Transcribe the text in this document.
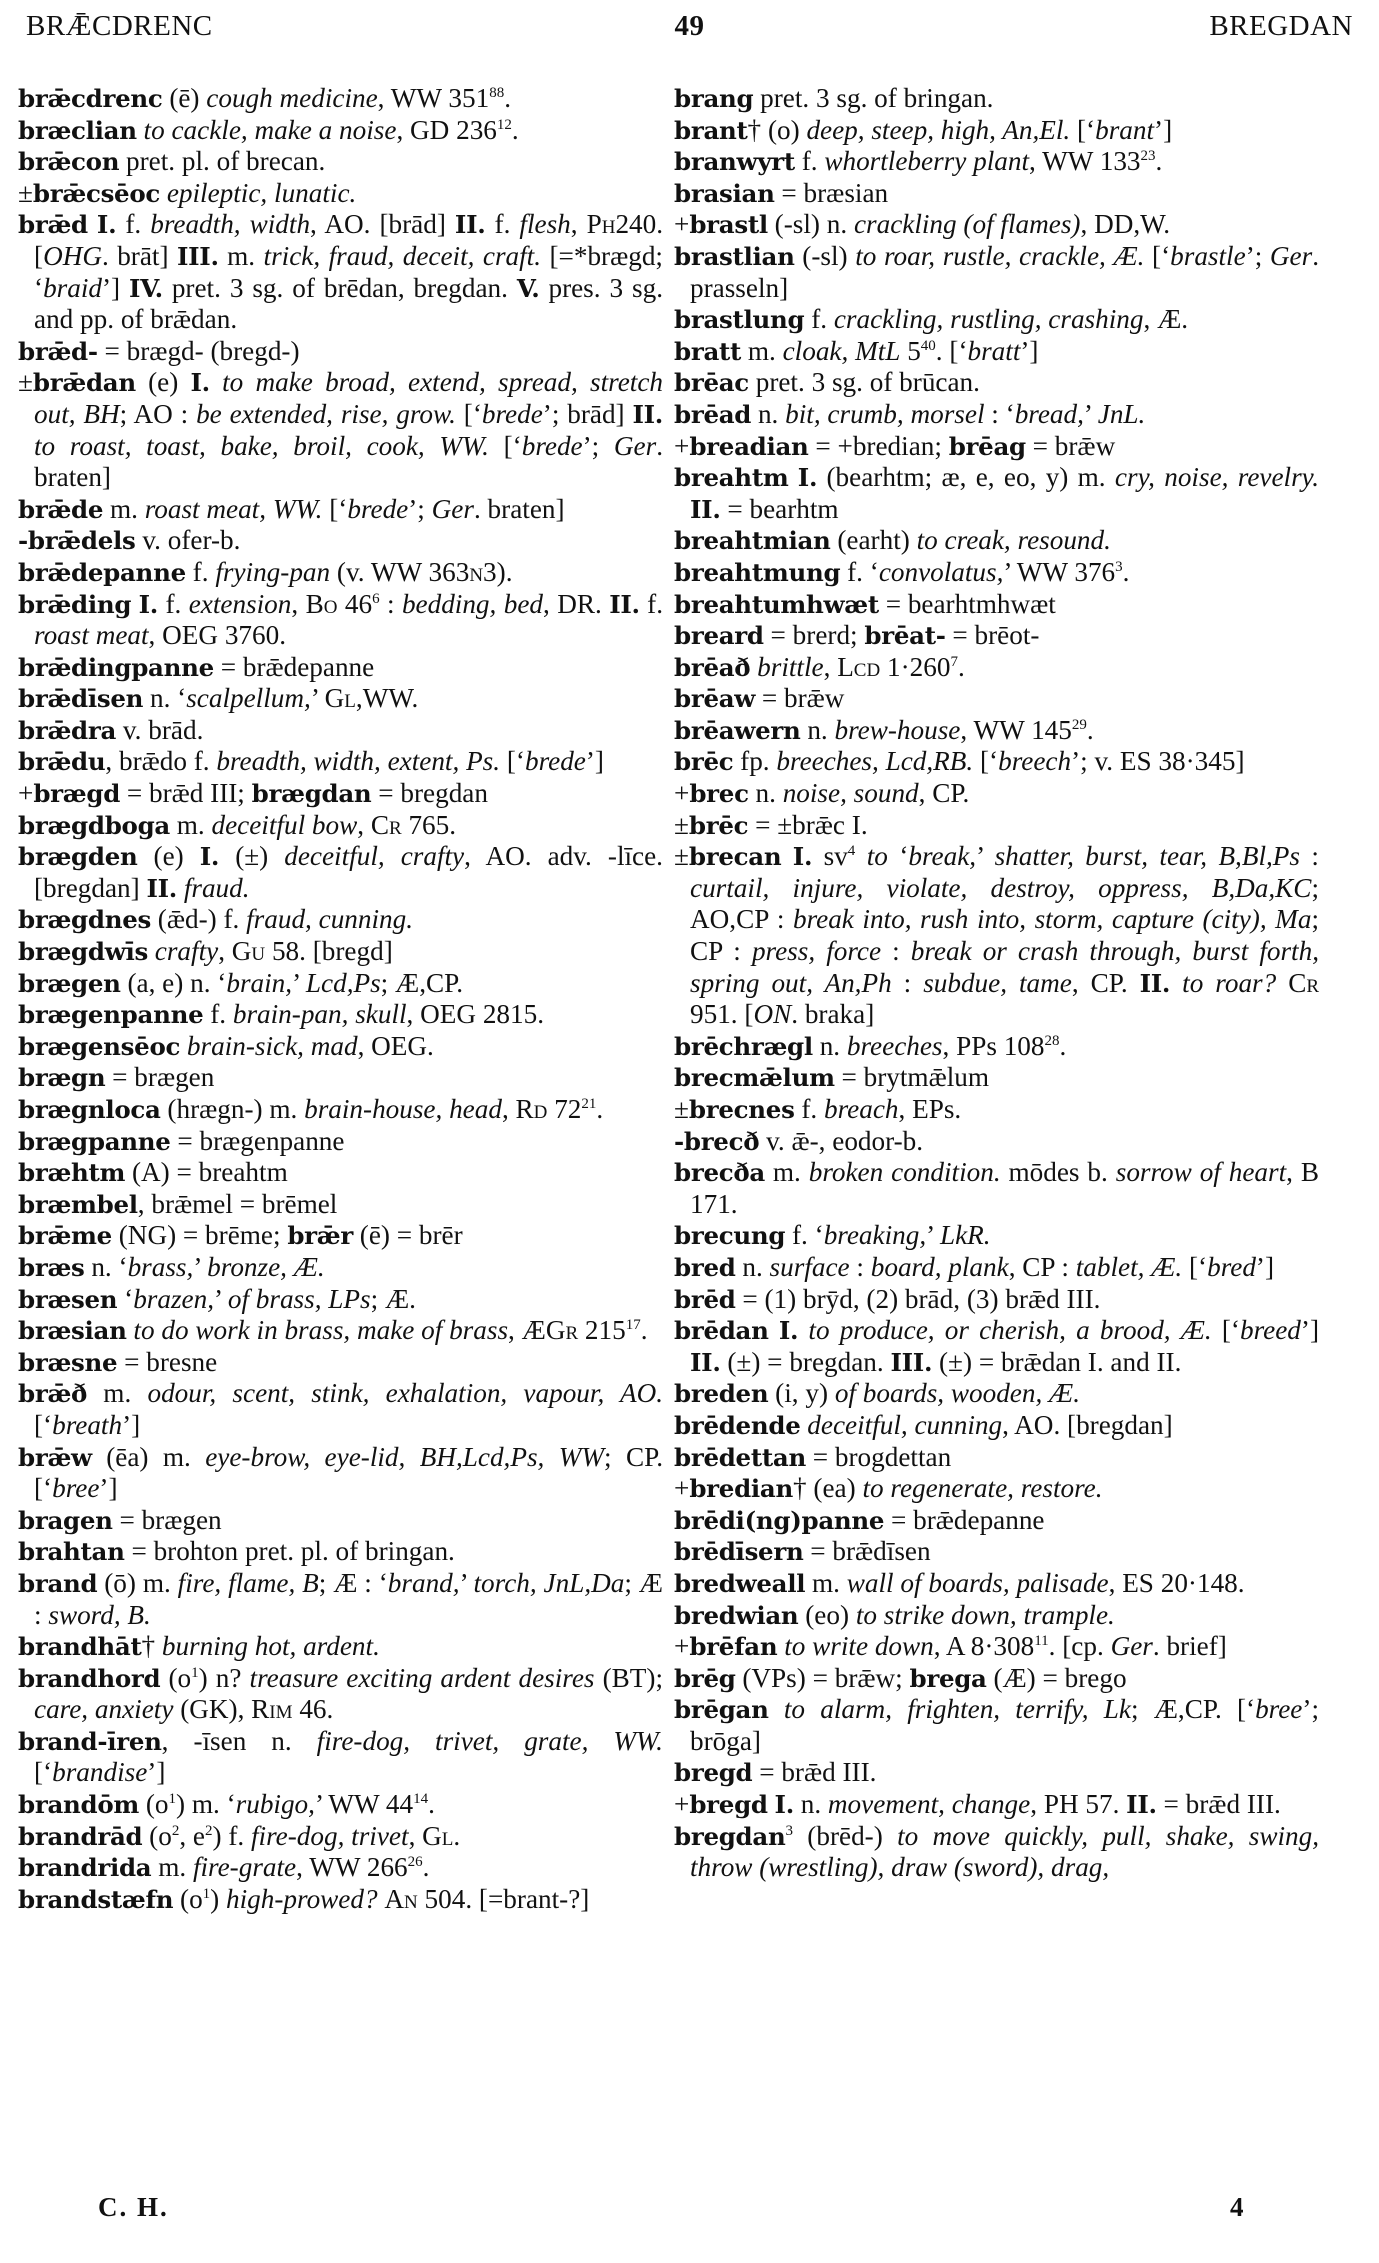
BRǢCDRENC	49	BREGDAN

brǣcdrenc (ē) cough medicine, WW $351^{88}$.

bræclian to cackle, make a noise, GD $236^{12}$.

brǣcon pret. pl. of brecan.

±brǣcsēoc epileptic, lunatic.

brǣd I. f. breadth, width, AO. [brād] II. f. flesh, Ph240. [OHG. brāt] III. m. trick, fraud, deceit, craft. [=*brægd; ‘braid’] IV. pret. 3 sg. of brēdan, bregdan. V. pres. 3 sg. and pp. of brǣdan.

brǣd- = brægd- (bregd-)

±brǣdan (e) I. to make broad, extend, spread, stretch out, BH; AO : be extended, rise, grow. [‘brede’; brād] II. to roast, toast, bake, broil, cook, WW. [‘brede’; Ger. braten]

brǣde m. roast meat, WW. [‘brede’; Ger. braten]

-brǣdels v. ofer-b.

brǣdepanne f. frying-pan (v. WW 363n3).

brǣding I. f. extension, Bo $46^6$ : bedding, bed, DR. II. f. roast meat, OEG 3760.

brǣdingpanne = brǣdepanne

brǣdīsen n. ‘scalpellum,’ Gl,WW.

brǣdra v. brād.

brǣdu, brǣdo f. breadth, width, extent, Ps. [‘brede’]

+brægd = brǣd III; brægdan = bregdan

brægdboga m. deceitful bow, Cr 765.

brægden (e) I. (±) deceitful, crafty, AO. adv. -līce. [bregdan] II. fraud.

brægdnes (ǣd-) f. fraud, cunning.

brægdwīs crafty, Gu 58. [bregd]

brægen (a, e) n. ‘brain,’ Lcd,Ps; Æ,CP.

brægenpanne f. brain-pan, skull, OEG 2815.

brægensēoc brain-sick, mad, OEG.

brægn = brægen

brægnloca (hrægn-) m. brain-house, head, Rd $72^{21}$.

brægpanne = brægenpanne

bræhtm (A) = breahtm

bræmbel, brǣmel = brēmel

brǣme (NG) = brēme; brǣr (ē) = brēr

bræs n. ‘brass,’ bronze, Æ.

bræsen ‘brazen,’ of brass, LPs; Æ.

bræsian to do work in brass, make of brass, ÆGr $215^{17}$.

bræsne = bresne

brǣð m. odour, scent, stink, exhalation, vapour, AO. [‘breath’]

brǣw (ēa) m. eye-brow, eye-lid, BH,Lcd,Ps, WW; CP. [‘bree’]

bragen = brægen

brahtan = brohton pret. pl. of bringan.

brand (ō) m. fire, flame, B; Æ : ‘brand,’ torch, JnL,Da; Æ : sword, B.

brandhāt† burning hot, ardent.

brandhord $(o^1)$ n? treasure exciting ardent desires (BT); care, anxiety (GK), Rim 46.

brand-īren, -īsen n. fire-dog, trivet, grate, WW. [‘brandise’]

brandōm $(o^1)$ m. ‘rubigo,’ WW $44^{14}$.

brandrād ($o^2$, $e^2$) f. fire-dog, trivet, Gl.

brandrida m. fire-grate, WW $266^{26}$.

brandstæfn $(o^1)$ high-prowed? An 504. [=brant-?]

brang pret. 3 sg. of bringan.

brant† (o) deep, steep, high, An,El. [‘brant’]

branwyrt f. whortleberry plant, WW $133^{23}$.

brasian = bræsian

+brastl (-sl) n. crackling (of flames), DD,W.

brastlian (-sl) to roar, rustle, crackle, Æ. [‘brastle’; Ger. prasseln]

brastlung f. crackling, rustling, crashing, Æ.

bratt m. cloak, MtL $5^{40}$. [‘bratt’]

brēac pret. 3 sg. of brūcan.

brēad n. bit, crumb, morsel : ‘bread,’ JnL.

+breadian = +bredian; brēag = brǣw

breahtm I. (bearhtm; æ, e, eo, y) m. cry, noise, revelry. II. = bearhtm

breahtmian (earht) to creak, resound.

breahtmung f. ‘convolatus,’ WW $376^3$.

breahtumhwæt = bearhtmhwæt

breard = brerd; brēat- = brēot-

brēað brittle, Lcd $1\cdot 260^7$.

brēaw = brǣw

brēawern n. brew-house, WW $145^{29}$.

brēc fp. breeches, Lcd,RB. [‘breech’; v. ES 38·345]

+brec n. noise, sound, CP.

±brēc = ±brǣc I.

±brecan I. $sv^4$ to ‘break,’ shatter, burst, tear, B,Bl,Ps : curtail, injure, violate, destroy, oppress, B,Da,KC; AO,CP : break into, rush into, storm, capture (city), Ma; CP : press, force : break or crash through, burst forth, spring out, An,Ph : subdue, tame, CP. II. to roar? Cr 951. [ON. braka]

brēchrægl n. breeches, PPs $108^{28}$.

brecmǣlum = brytmǣlum

±brecnes f. breach, EPs.

-brecð v. ǣ-, eodor-b.

brecða m. broken condition. mōdes b. sorrow of heart, B 171.

brecung f. ‘breaking,’ LkR.

bred n. surface : board, plank, CP : tablet, Æ. [‘bred’]

brēd = (1) brȳd, (2) brād, (3) brǣd III.

brēdan I. to produce, or cherish, a brood, Æ. [‘breed’] II. (±) = bregdan. III. (±) = brǣdan I. and II.

breden (i, y) of boards, wooden, Æ.

brēdende deceitful, cunning, AO. [bregdan]

brēdettan = brogdettan

+bredian† (ea) to regenerate, restore.

brēdi(ng)panne = brǣdepanne

brēdīsern = brǣdīsen

bredweall m. wall of boards, palisade, ES 20·148.

bredwian (eo) to strike down, trample.

+brēfan to write down, A $8\cdot 308^{11}$. [cp. Ger. brief]

brēg (VPs) = brǣw; brega (Æ) = brego

brēgan to alarm, frighten, terrify, Lk; Æ,CP. [‘bree’; brōga]

bregd = brǣd III.

+bregd I. n. movement, change, PH 57. II. = brǣd III.

bregdan$^3$ (brēd-) to move quickly, pull, shake, swing, throw (wrestling), draw (sword), drag,

C. H.	4
